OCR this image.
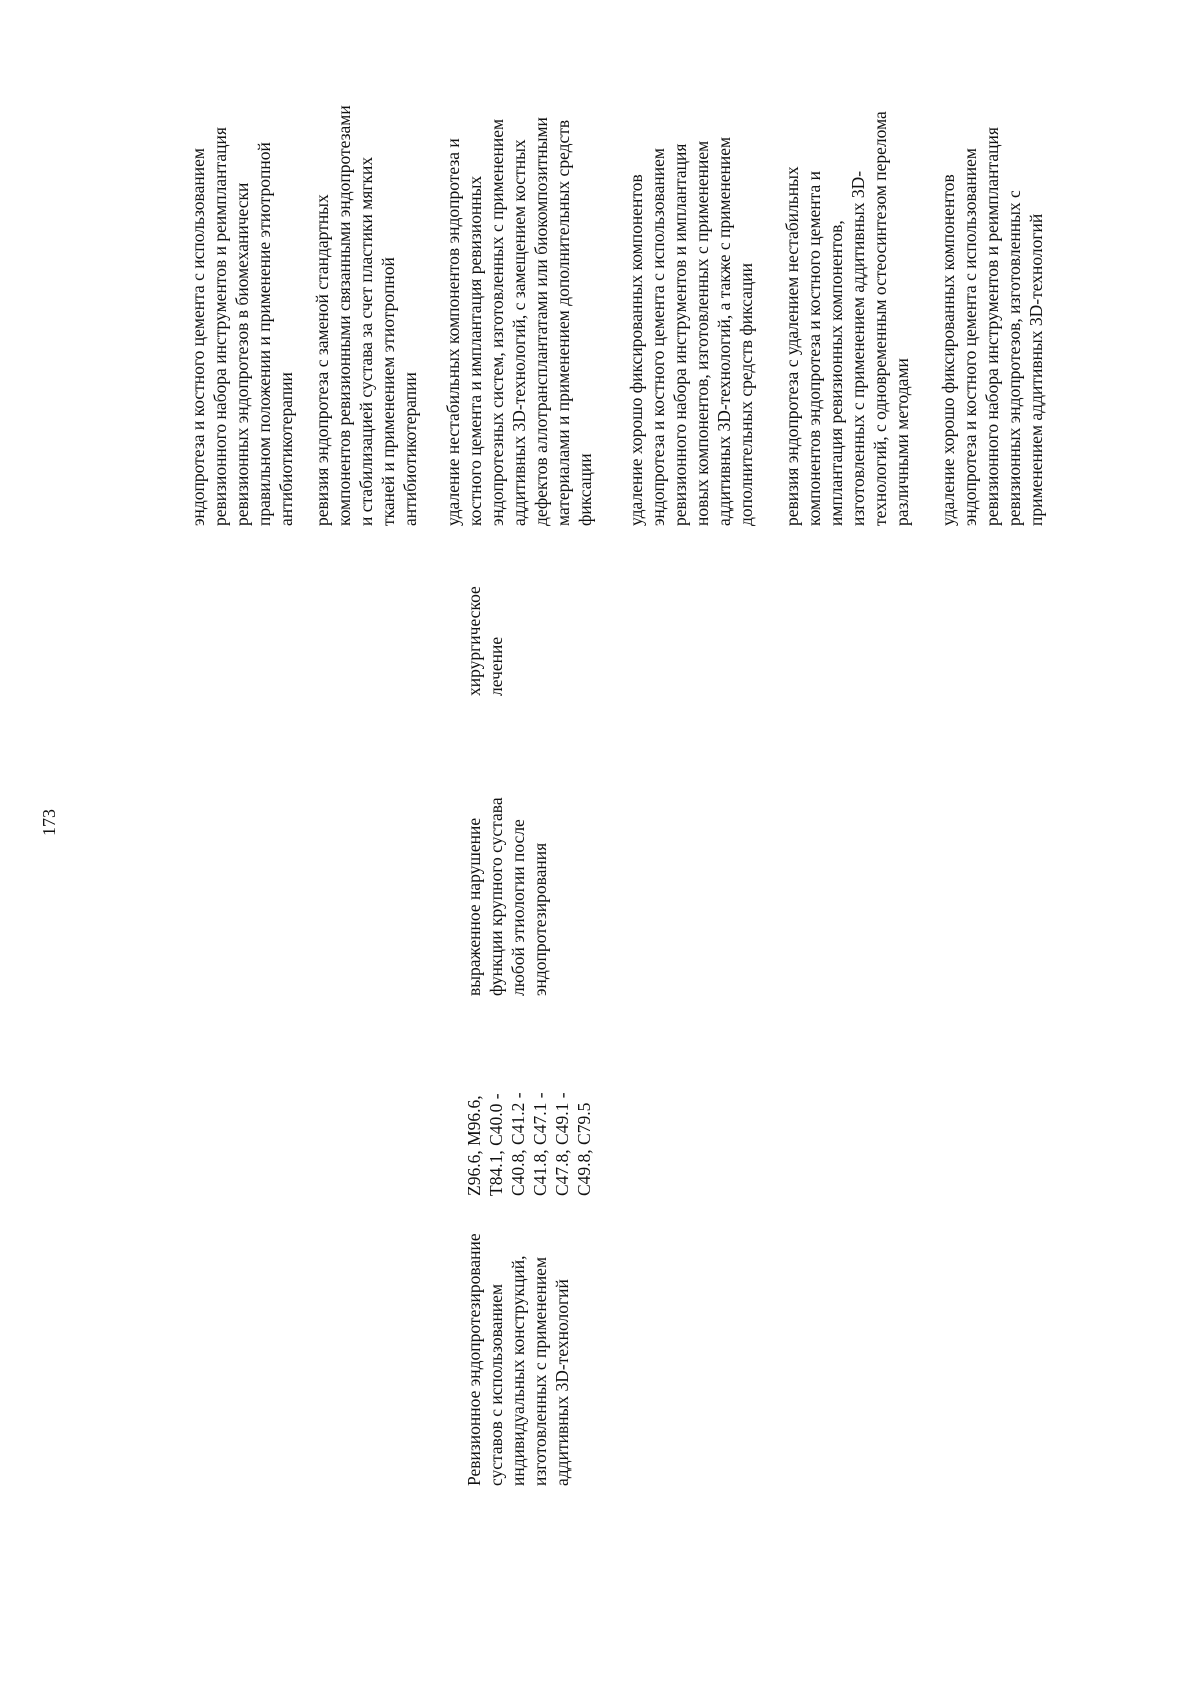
173
Ревизионное эндопротезирование суставов с использованием индивидуальных конструкций, изготовленных с применением аддитивных 3D-технологий
Z96.6, M96.6, T84.1, C40.0 - C40.8, C41.2 - C41.8, C47.1 - C47.8, C49.1 - C49.8, C79.5
выраженное нарушение функции крупного сустава любой этиологии после эндопротезирования
хирургическое лечение
эндопротеза и костного цемента с использованием ревизионного набора инструментов и реимплантация ревизионных эндопротезов в биомеханически правильном положении и применение этиотропной антибиотикотерапии ревизия эндопротеза с заменой стандартных компонентов ревизионными связанными эндопротезами и стабилизацией сустава за счет пластики мягких тканей и применением этиотропной антибиотикотерапии удаление нестабильных компонентов эндопротеза и костного цемента и имплантация ревизионных эндопротезных систем, изготовленных с применением аддитивных 3D-технологий, с замещением костных дефектов аллотрансплантатами или биокомпозитными материалами и применением дополнительных средств фиксации удаление хорошо фиксированных компонентов эндопротеза и костного цемента с использованием ревизионного набора инструментов и имплантация новых компонентов, изготовленных с применением аддитивных 3D-технологий, а также с применением дополнительных средств фиксации ревизия эндопротеза с удалением нестабильных компонентов эндопротеза и костного цемента и имплантация ревизионных компонентов, изготовленных с применением аддитивных 3D- технологий, с одновременным остеосинтезом перелома различными методами удаление хорошо фиксированных компонентов эндопротеза и костного цемента с использованием ревизионного набора инструментов и реимплантация ревизионных эндопротезов, изготовленных с применением аддитивных 3D-технологий
